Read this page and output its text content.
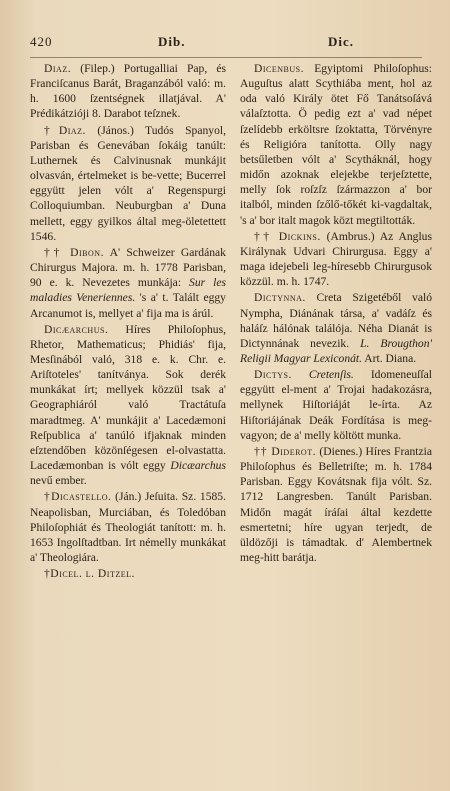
420	Dib.	Dic.

Diaz. (Filep.) Portugalliai Pap, és Franciſcanus Barát, Braganzából való: m. h. 1600 ſzentségnek illatjával. A' Prédikátzióji 8. Darabot teſznek.

†Diaz. (János.) Tudós Spanyol, Parisban és Genevában ſokáig tanúlt: Luthernek és Calvinusnak munkájit olvasván, értelmeket is be-vette; Bucerrel eggyütt jelen vólt a' Regenspurgi Colloquiumban. Neuburgban a' Duna mellett, eggy gyilkos által meg-öletettett 1546.

†† Dibon. A' Schweizer Gardának Chirurgus Majora. m. h. 1778 Parisban, 90 e. k. Nevezetes munkája: Sur les maladies Veneriennes. 's a' t. Talált eggy Arcanumot is, mellyet a' fija ma is árúl.

Dicæarchus. Híres Philoſophus, Rhetor, Mathematicus; Phidiás' fija, Mesſinából való, 318 e. k. Chr. e. Ariſtoteles' tanítványa. Sok derék munkákat írt; mellyek közzül tsak a' Geographiáról való Tractátuſa maradtmeg. A' munkájit a' Lacedæmoni Reſpublica a' tanúló ifjaknak minden eſztendőben közönſégesen el-olvastatta. Lacedæmonban is vólt eggy Dicæarchus nevű ember.

†Dicastello. (Ján.) Jeſuita. Sz. 1585. Neapolisban, Murciában, és Toledóban Philoſophiát és Theologiát tanított: m. h. 1653 Ingolſtadtban. Irt némelly munkákat a' Theologiára.

†Dicel. l. Ditzel.

Dicenbus. Egyiptomi Philoſophus: Auguſtus alatt Scythiába ment, hol az oda való Király ötet Fő Tanátsoſává válaſztotta. Ö pedig ezt a' vad népet ſzelídebb erköltsre ſzoktatta, Törvényre és Religióra tanította. Olly nagy betsűletben vólt a' Scytháknál, hogy midőn azoknak elejekbe terjeſztette, melly ſok roſzſz ſzármazzon a' bor italból, minden ſzőlő-tőkét ki-vagdaltak, 's a' bor italt magok közt megtiltották.

†† Dickins. (Ambrus.) Az Anglus Királynak Udvari Chirurgusa. Eggy a' maga idejebeli leg-híresebb Chirurgusok közzül. m. h. 1747.

Dictynna. Creta Szigetéből való Nympha, Diánának társa, a' vadáſz és haláſz hálónak találója. Néha Dianát is Dictynnának nevezik. L. Brougthon' Religii Magyar Lexiconát. Art. Diana.

Dictys. Cretenſis. Idomeneuſſal eggyütt el-ment a' Trojai hadakozásra, mellynek Hiſtoriáját le-írta. Az Hiſtoriájának Deák Fordítása is meg-vagyon; de a' melly költött munka.

†† Diderot. (Dienes.) Híres Frantzia Philoſophus és Belletriſte; m. h. 1784 Parisban. Eggy Kovátsnak fija vólt. Sz. 1712 Langresben. Tanúlt Parisban. Midőn magát íráſai által kezdette esmertetni; híre ugyan terjedt, de üldözőji is támadtak. d' Alembertnek meg-hitt barátja.
